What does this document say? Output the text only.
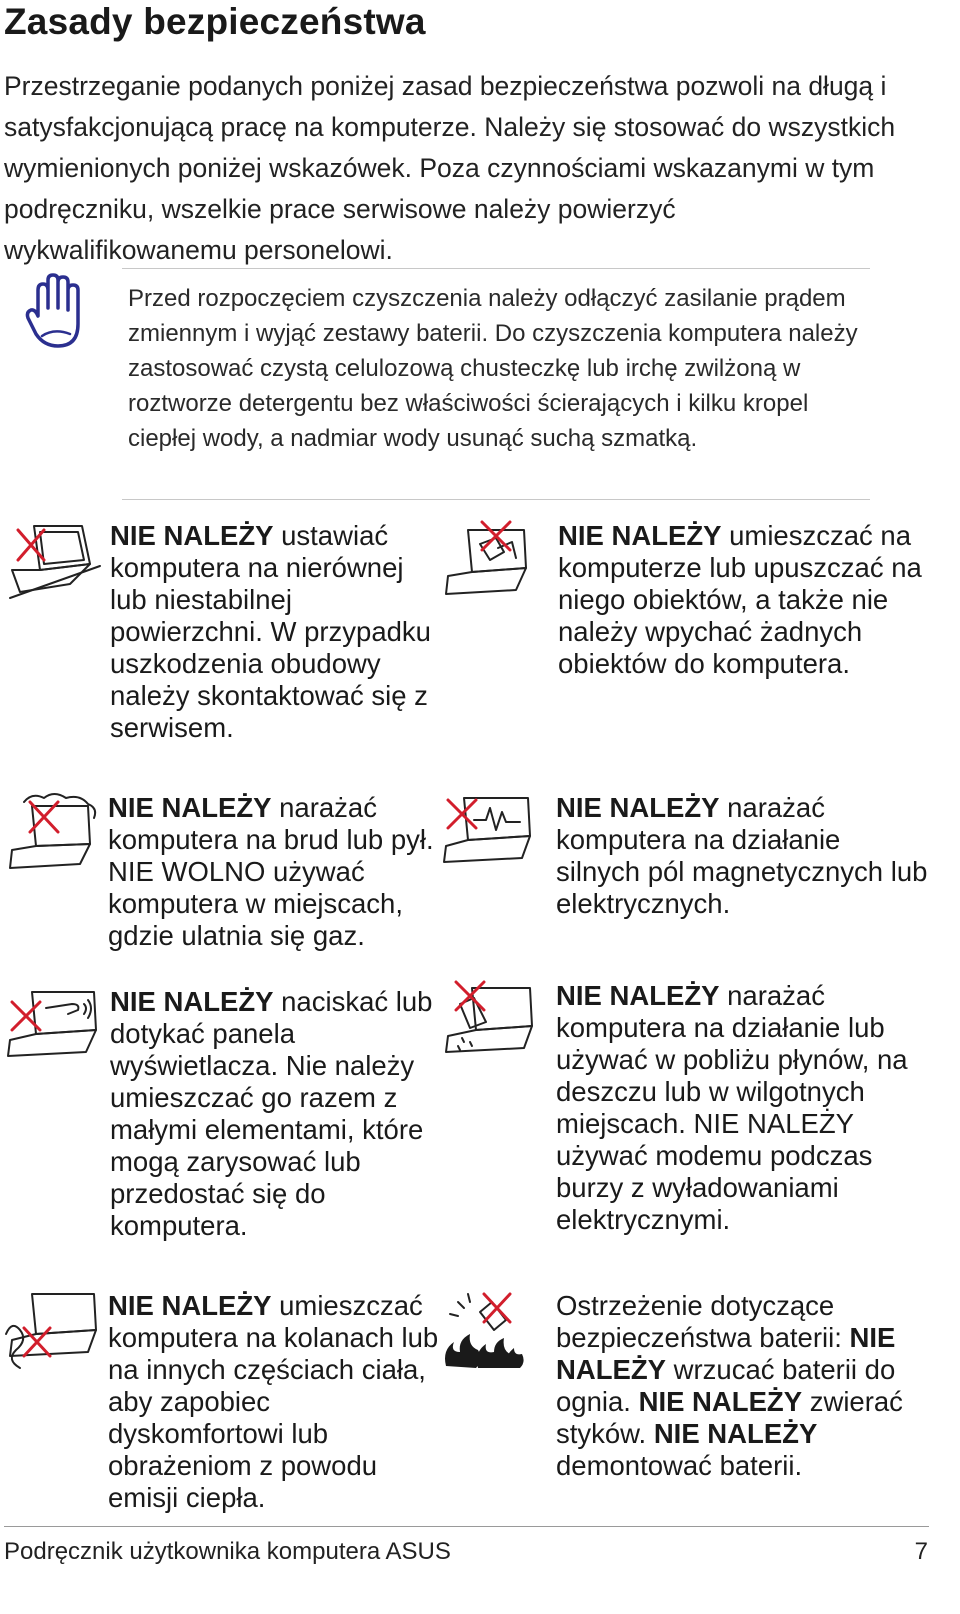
Zasady bezpieczeństwa

Przestrzeganie podanych poniżej zasad bezpieczeństwa pozwoli na długą i satysfakcjonującą pracę na komputerze. Należy się stosować do wszystkich wymienionych poniżej wskazówek. Poza czynnościami wskazanymi w tym podręczniku, wszelkie prace serwisowe należy powierzyć wykwalifikowanemu personelowi.

Przed rozpoczęciem czyszczenia należy odłączyć zasilanie prądem zmiennym i wyjąć zestawy baterii. Do czyszczenia komputera należy zastosować czystą celulozową chusteczkę lub irchę zwilżoną w roztworze detergentu bez właściwości ścierających i kilku kropel ciepłej wody, a nadmiar wody usunąć suchą szmatką.

NIE NALEŻY ustawiać komputera na nierównej lub niestabilnej powierzchni. W przypadku uszkodzenia obudowy należy skontaktować się z serwisem.

NIE NALEŻY narażać komputera na brud lub pył. NIE WOLNO używać komputera w miejscach, gdzie ulatnia się gaz.

NIE NALEŻY naciskać lub dotykać panela wyświetlacza. Nie należy umieszczać go razem z małymi elementami, które mogą zarysować lub przedostać się do komputera.

NIE NALEŻY umieszczać komputera na kolanach lub na innych częściach ciała, aby zapobiec dyskomfortowi lub obrażeniom z powodu emisji ciepła.

NIE NALEŻY umieszczać na komputerze lub upuszczać na niego obiektów, a także nie należy wpychać żadnych obiektów do komputera.

NIE NALEŻY narażać komputera na działanie silnych pól magnetycznych lub elektrycznych.

NIE NALEŻY narażać komputera na działanie lub używać w pobliżu płynów, na deszczu lub w wilgotnych miejscach. NIE NALEŻY używać modemu podczas burzy z wyładowaniami elektrycznymi.

Ostrzeżenie dotyczące bezpieczeństwa baterii: NIE NALEŻY wrzucać baterii do ognia. NIE NALEŻY zwierać styków. NIE NALEŻY demontować baterii.

Podręcznik użytkownika komputera ASUS	7
